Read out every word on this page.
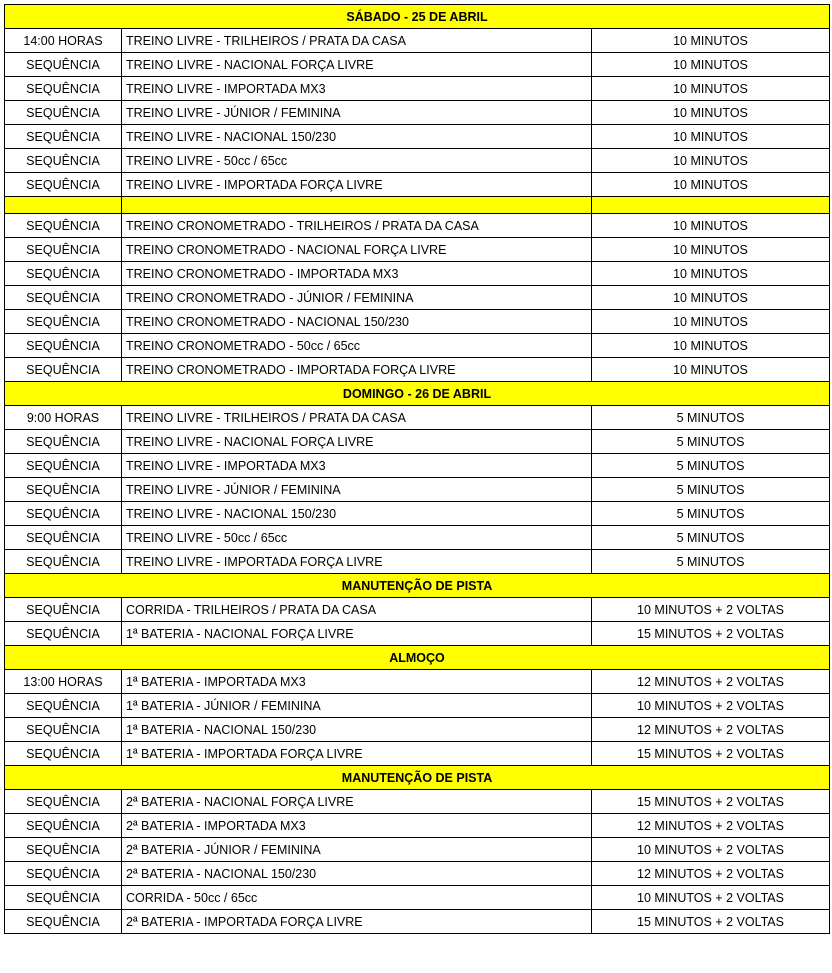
SÁBADO - 25 DE ABRIL		
14:00 HORAS	TREINO LIVRE - TRILHEIROS / PRATA DA CASA	10 MINUTOS
SEQUÊNCIA	TREINO LIVRE - NACIONAL FORÇA LIVRE	10 MINUTOS
SEQUÊNCIA	TREINO LIVRE - IMPORTADA MX3	10 MINUTOS
SEQUÊNCIA	TREINO LIVRE - JÚNIOR / FEMININA	10 MINUTOS
SEQUÊNCIA	TREINO LIVRE - NACIONAL 150/230	10 MINUTOS
SEQUÊNCIA	TREINO LIVRE - 50cc / 65cc	10 MINUTOS
SEQUÊNCIA	TREINO LIVRE - IMPORTADA FORÇA LIVRE	10 MINUTOS

SEQUÊNCIA	TREINO CRONOMETRADO - TRILHEIROS / PRATA DA CASA	10 MINUTOS
SEQUÊNCIA	TREINO CRONOMETRADO - NACIONAL FORÇA LIVRE	10 MINUTOS
SEQUÊNCIA	TREINO CRONOMETRADO - IMPORTADA MX3	10 MINUTOS
SEQUÊNCIA	TREINO CRONOMETRADO - JÚNIOR / FEMININA	10 MINUTOS
SEQUÊNCIA	TREINO CRONOMETRADO - NACIONAL 150/230	10 MINUTOS
SEQUÊNCIA	TREINO CRONOMETRADO - 50cc / 65cc	10 MINUTOS
SEQUÊNCIA	TREINO CRONOMETRADO - IMPORTADA FORÇA LIVRE	10 MINUTOS
DOMINGO - 26 DE ABRIL		
9:00 HORAS	TREINO LIVRE - TRILHEIROS / PRATA DA CASA	5 MINUTOS
SEQUÊNCIA	TREINO LIVRE - NACIONAL FORÇA LIVRE	5 MINUTOS
SEQUÊNCIA	TREINO LIVRE - IMPORTADA MX3	5 MINUTOS
SEQUÊNCIA	TREINO LIVRE - JÚNIOR / FEMININA	5 MINUTOS
SEQUÊNCIA	TREINO LIVRE - NACIONAL 150/230	5 MINUTOS
SEQUÊNCIA	TREINO LIVRE - 50cc / 65cc	5 MINUTOS
SEQUÊNCIA	TREINO LIVRE - IMPORTADA FORÇA LIVRE	5 MINUTOS
MANUTENÇÃO DE PISTA		
SEQUÊNCIA	CORRIDA - TRILHEIROS / PRATA DA CASA	10 MINUTOS + 2 VOLTAS
SEQUÊNCIA	1ª BATERIA - NACIONAL FORÇA LIVRE	15 MINUTOS + 2 VOLTAS
ALMOÇO		
13:00 HORAS	1ª BATERIA - IMPORTADA MX3	12 MINUTOS + 2 VOLTAS
SEQUÊNCIA	1ª BATERIA - JÚNIOR / FEMININA	10 MINUTOS + 2 VOLTAS
SEQUÊNCIA	1ª BATERIA - NACIONAL 150/230	12 MINUTOS + 2 VOLTAS
SEQUÊNCIA	1ª BATERIA - IMPORTADA FORÇA LIVRE	15 MINUTOS + 2 VOLTAS
MANUTENÇÃO DE PISTA		
SEQUÊNCIA	2ª BATERIA - NACIONAL FORÇA LIVRE	15 MINUTOS + 2 VOLTAS
SEQUÊNCIA	2ª BATERIA - IMPORTADA MX3	12 MINUTOS + 2 VOLTAS
SEQUÊNCIA	2ª BATERIA - JÚNIOR / FEMININA	10 MINUTOS + 2 VOLTAS
SEQUÊNCIA	2ª BATERIA - NACIONAL 150/230	12 MINUTOS + 2 VOLTAS
SEQUÊNCIA	CORRIDA - 50cc / 65cc	10 MINUTOS + 2 VOLTAS
SEQUÊNCIA	2ª BATERIA - IMPORTADA FORÇA LIVRE	15 MINUTOS + 2 VOLTAS
